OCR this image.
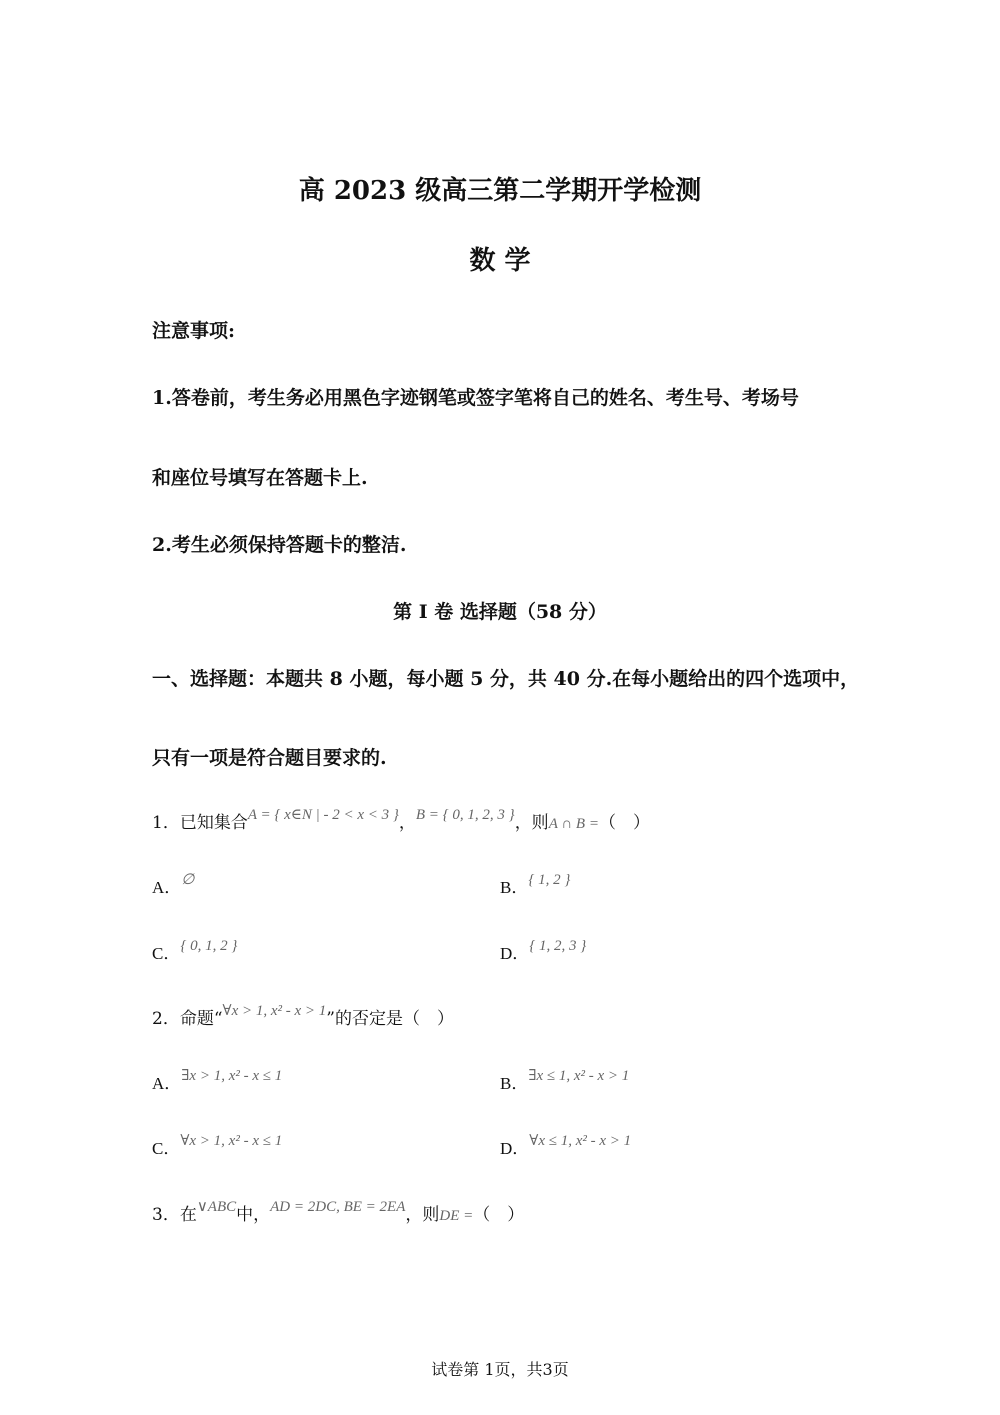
高 2023 级高三第二学期开学检测
数 学
注意事项:
1.答卷前，考生务必用黑色字迹钢笔或签字笔将自己的姓名、考生号、考场号
和座位号填写在答题卡上.
2.考生必须保持答题卡的整洁.
第 I 卷 选择题（58 分）
一、选择题：本题共 8 小题，每小题 5 分，共 40 分.在每小题给出的四个选项中，
只有一项是符合题目要求的.
1．已知集合A = { x∈N | - 2 < x < 3 }，B = { 0, 1, 2, 3 }，则A ∩ B =（　）
A．∅	B．{ 1, 2 }
C．{ 0, 1, 2 }	D．{ 1, 2, 3 }
2．命题“∀x > 1, x² - x > 1”的否定是（　）
A．∃x > 1, x² - x ≤ 1	B．∃x ≤ 1, x² - x > 1
C．∀x > 1, x² - x ≤ 1	D．∀x ≤ 1, x² - x > 1
3．在∨ABC中，AD = 2DC, BE = 2EA，则DE =（　）
试卷第 1页，共3页
